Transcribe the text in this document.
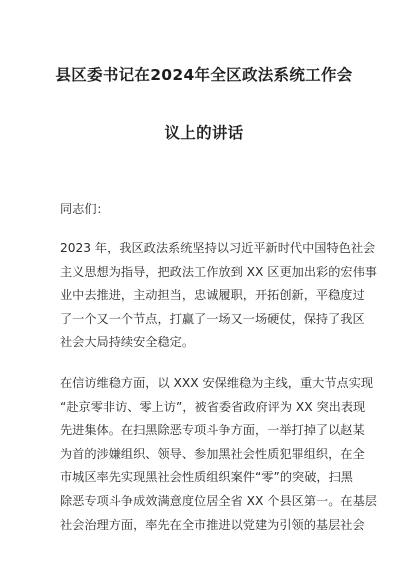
县区委书记在2024年全区政法系统工作会
议上的讲话
同志们：
2023 年，我区政法系统坚持以习近平新时代中国特色社会
主义思想为指导，把政法工作放到 XX 区更加出彩的宏伟事
业中去推进，主动担当，忠诚履职，开拓创新，平稳度过
了一个又一个节点，打赢了一场又一场硬仗，保持了我区
社会大局持续安全稳定。
在信访维稳方面，以 XXX 安保维稳为主线，重大节点实现
“赴京零非访、零上访”，被省委省政府评为 XX 突出表现
先进集体。在扫黑除恶专项斗争方面，一举打掉了以赵某
为首的涉嫌组织、领导、参加黑社会性质犯罪组织，在全
市城区率先实现黑社会性质组织案件“零”的突破，扫黑
除恶专项斗争成效满意度位居全省 XX 个县区第一。在基层
社会治理方面，率先在全市推进以党建为引领的基层社会
